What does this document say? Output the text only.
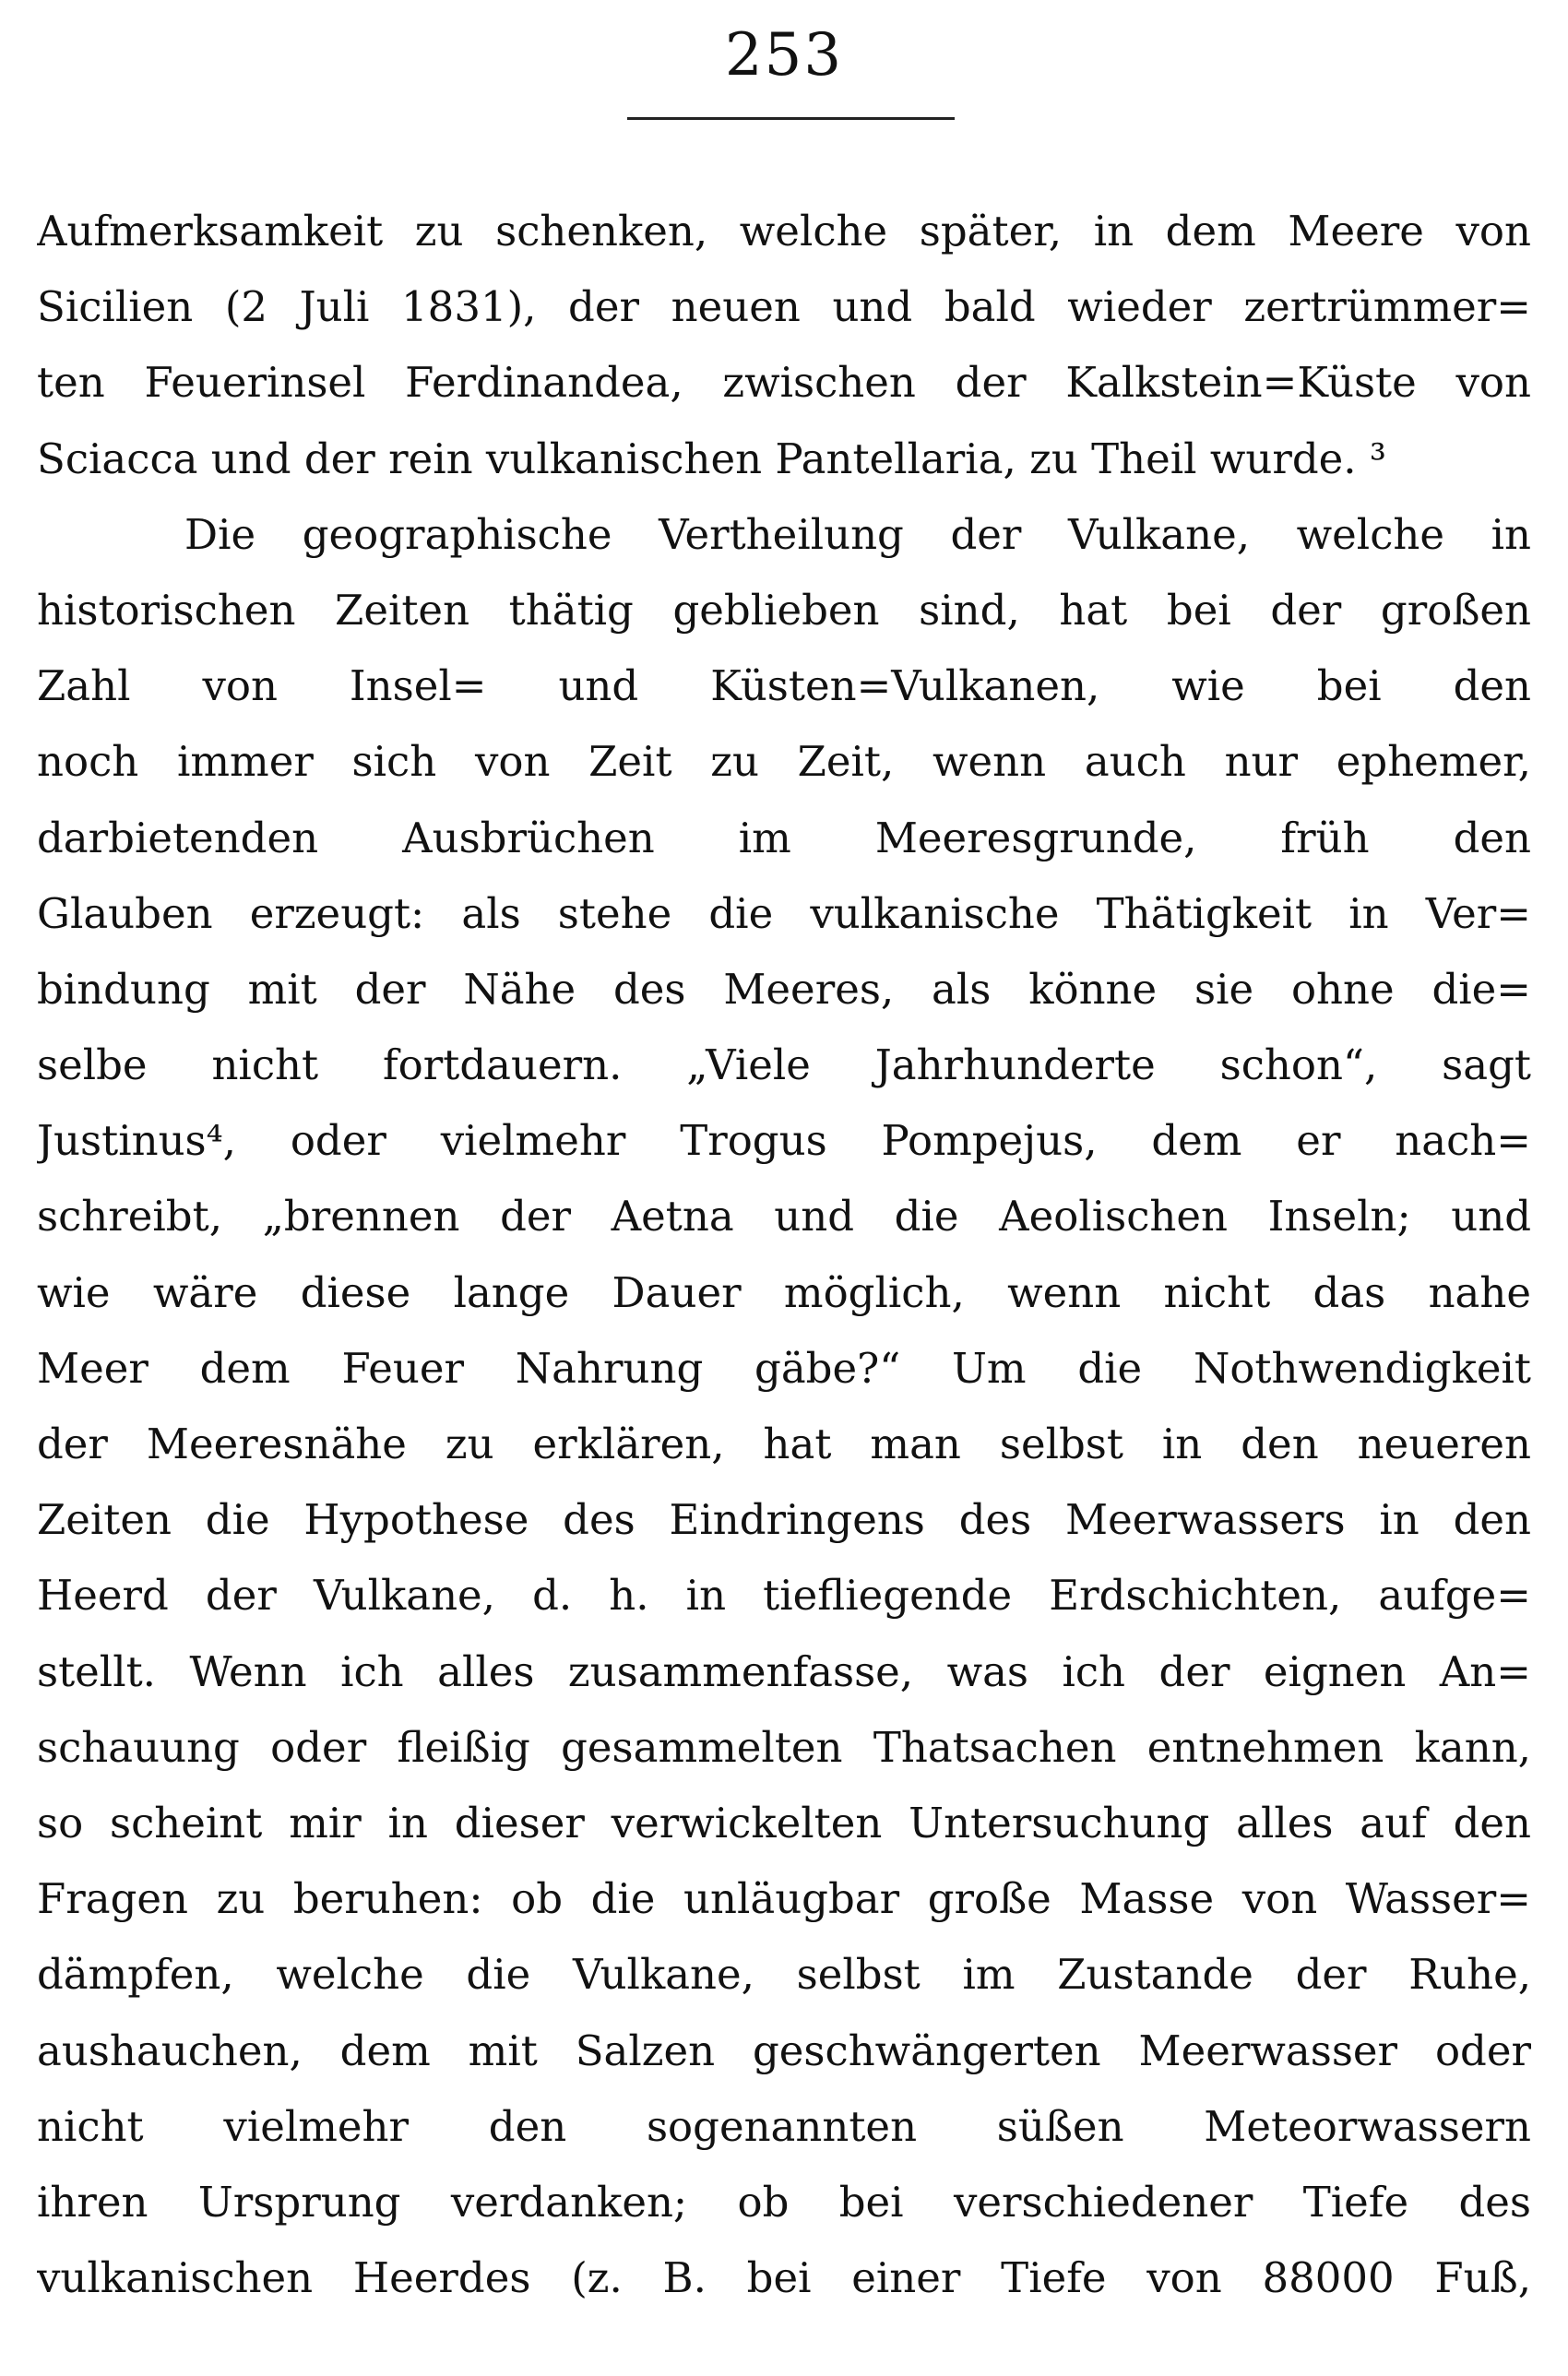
253
Aufmerksamkeit zu schenken, welche später, in dem Meere von
Sicilien (2 Juli 1831), der neuen und bald wieder zertrümmer=
ten Feuerinsel Ferdinandea, zwischen der Kalkstein=Küste von
Sciacca und der rein vulkanischen Pantellaria, zu Theil wurde. ³
Die geographische Vertheilung der Vulkane, welche in
historischen Zeiten thätig geblieben sind, hat bei der großen
Zahl von Insel= und Küsten=Vulkanen, wie bei den
noch immer sich von Zeit zu Zeit, wenn auch nur ephemer,
darbietenden Ausbrüchen im Meeresgrunde, früh den
Glauben erzeugt: als stehe die vulkanische Thätigkeit in Ver=
bindung mit der Nähe des Meeres, als könne sie ohne die=
selbe nicht fortdauern. „Viele Jahrhunderte schon“, sagt
Justinus⁴, oder vielmehr Trogus Pompejus, dem er nach=
schreibt, „brennen der Aetna und die Aeolischen Inseln; und
wie wäre diese lange Dauer möglich, wenn nicht das nahe
Meer dem Feuer Nahrung gäbe?“ Um die Nothwendigkeit
der Meeresnähe zu erklären, hat man selbst in den neueren
Zeiten die Hypothese des Eindringens des Meerwassers in den
Heerd der Vulkane, d. h. in tiefliegende Erdschichten, aufge=
stellt. Wenn ich alles zusammenfasse, was ich der eignen An=
schauung oder fleißig gesammelten Thatsachen entnehmen kann,
so scheint mir in dieser verwickelten Untersuchung alles auf den
Fragen zu beruhen: ob die unläugbar große Masse von Wasser=
dämpfen, welche die Vulkane, selbst im Zustande der Ruhe,
aushauchen, dem mit Salzen geschwängerten Meerwasser oder
nicht vielmehr den sogenannten süßen Meteorwassern
ihren Ursprung verdanken; ob bei verschiedener Tiefe des
vulkanischen Heerdes (z. B. bei einer Tiefe von 88000 Fuß,
